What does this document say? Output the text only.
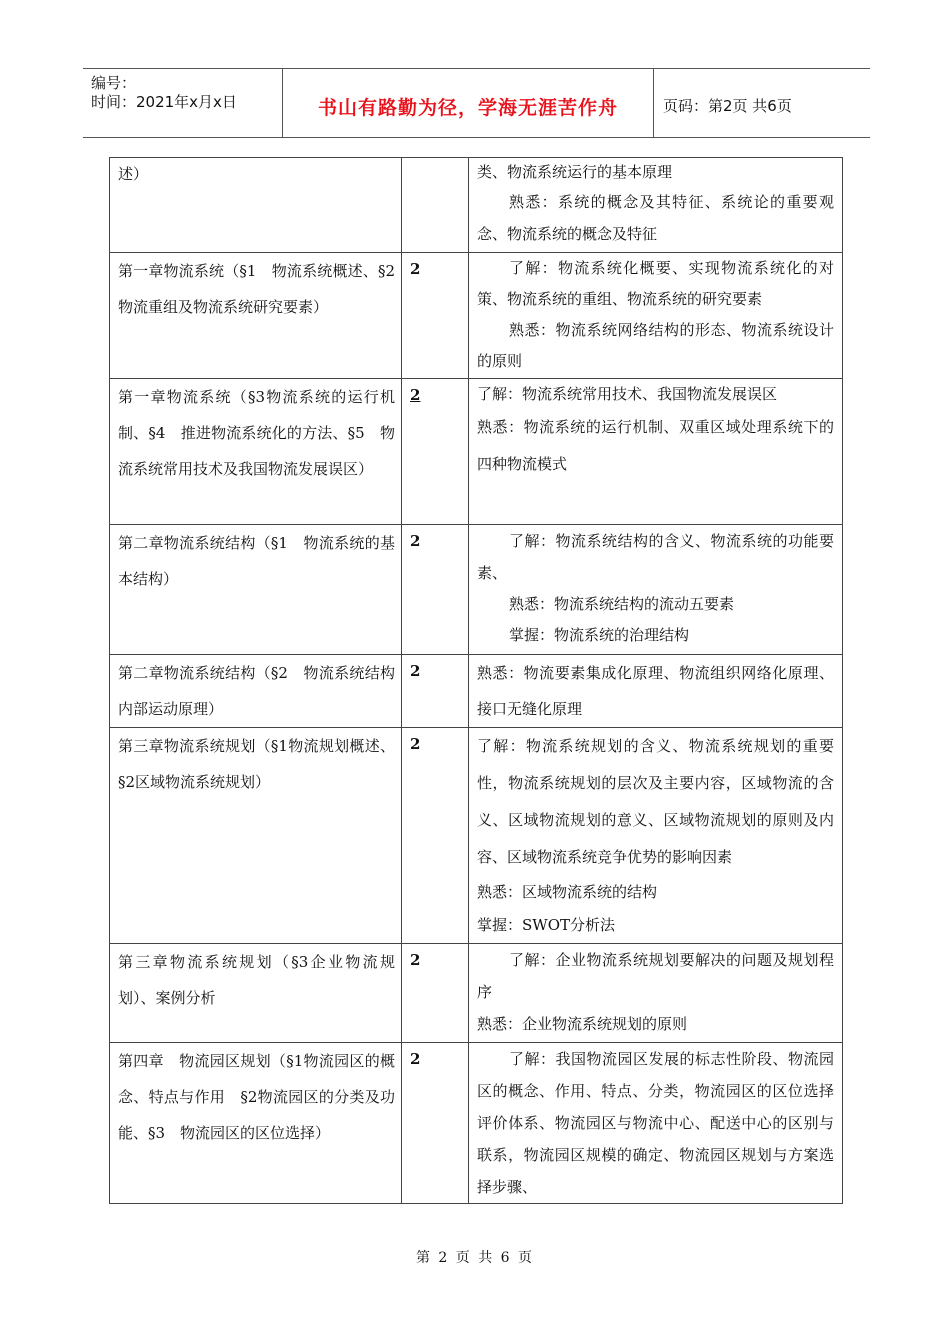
编号：
时间：2021年x月x日	书山有路勤为径，学海无涯苦作舟	页码：第2页 共6页
述）		类、物流系统运行的基本原理
熟悉：系统的概念及其特征、系统论的重要观念、物流系统的概念及特征

第一章物流系统（§1　物流系统概述、§2物流重组及物流系统研究要素）	2	了解：物流系统化概要、实现物流系统化的对策、物流系统的重组、物流系统的研究要素
熟悉：物流系统网络结构的形态、物流系统设计的原则

第一章物流系统（§3物流系统的运行机制、§4　推进物流系统化的方法、§5　物流系统常用技术及我国物流发展误区）	2	了解：物流系统常用技术、我国物流发展误区
熟悉：物流系统的运行机制、双重区域处理系统下的四种物流模式

第二章物流系统结构（§1　物流系统的基本结构）	2	了解：物流系统结构的含义、物流系统的功能要素、
熟悉：物流系统结构的流动五要素
掌握：物流系统的治理结构

第二章物流系统结构（§2　物流系统结构内部运动原理）	2	熟悉：物流要素集成化原理、物流组织网络化原理、接口无缝化原理

第三章物流系统规划（§1物流规划概述、§2区域物流系统规划）	2	了解：物流系统规划的含义、物流系统规划的重要性，物流系统规划的层次及主要内容，区域物流的含义、区域物流规划的意义、区域物流规划的原则及内容、区域物流系统竞争优势的影响因素
熟悉：区域物流系统的结构
掌握：SWOT分析法

第三章物流系统规划（§3企业物流规划）、案例分析	2	了解：企业物流系统规划要解决的问题及规划程序
熟悉：企业物流系统规划的原则

第四章　物流园区规划（§1物流园区的概念、特点与作用　§2物流园区的分类及功能、§3　物流园区的区位选择）	2	了解：我国物流园区发展的标志性阶段、物流园区的概念、作用、特点、分类，物流园区的区位选择评价体系、物流园区与物流中心、配送中心的区别与联系，物流园区规模的确定、物流园区规划与方案选择步骤、
第 2 页 共 6 页
